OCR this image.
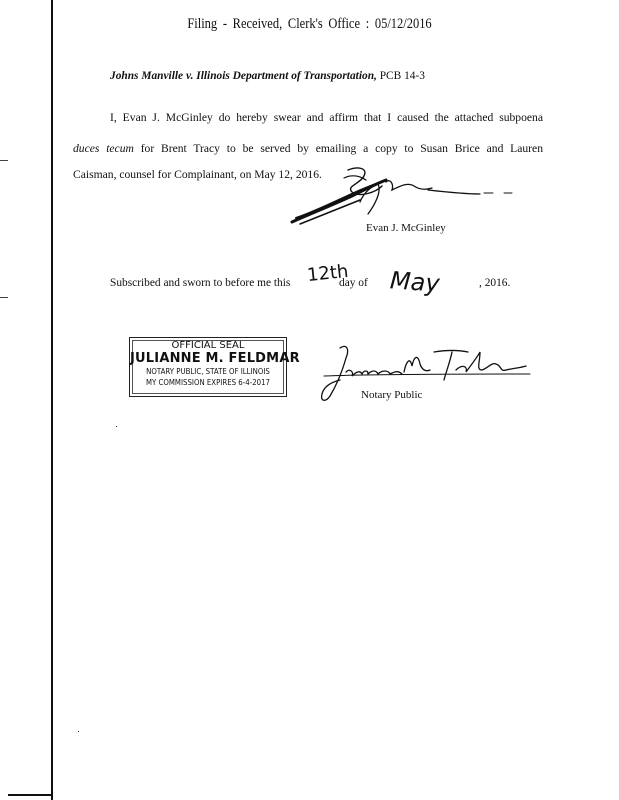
Filing - Received, Clerk's Office : 05/12/2016
Johns Manville v. Illinois Department of Transportation, PCB 14-3
I, Evan J. McGinley do hereby swear and affirm that I caused the attached subpoena
duces tecum for Brent Tracy to be served by emailing a copy to Susan Brice and Lauren
Caisman, counsel for Complainant, on May 12, 2016.
Evan J. McGinley
Subscribed and sworn to before me this 12th
day of May	, 2016.
OFFICIAL SEAL
JULIANNE M. FELDMAR
NOTARY PUBLIC, STATE OF ILLINOIS
MY COMMISSION EXPIRES 6-4-2017
Notary Public
